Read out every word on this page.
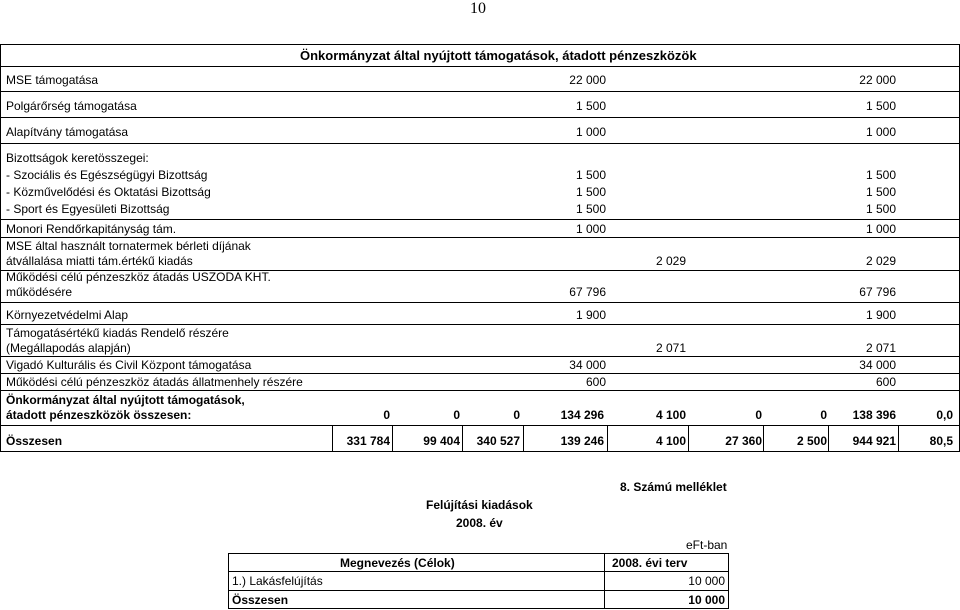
10
Önkormányzat által nyújtott támogatások, átadott pénzeszközök
MSE támogatása	22 000	22 000
Polgárőrség támogatása	1 500	1 500
Alapítvány támogatása	1 000	1 000
Bizottságok keretösszegei:
- Szociális és Egészségügyi Bizottság	1 500	1 500
- Közművelődési és Oktatási Bizottság	1 500	1 500
- Sport és Egyesületi Bizottság	1 500	1 500
Monori Rendőrkapitányság tám.	1 000	1 000
MSE által használt tornatermek bérleti díjának
átvállalása miatti tám.értékű kiadás	2 029	2 029
Működési célú pénzeszköz átadás USZODA KHT.
működésére	67 796	67 796
Környezetvédelmi Alap	1 900	1 900
Támogatásértékű kiadás Rendelő részére
(Megállapodás alapján)	2 071	2 071
Vigadó Kulturális és Civil Központ támogatása	34 000	34 000
Működési célú pénzeszköz átadás állatmenhely részére	600	600
Önkormányzat által nyújtott támogatások,
átadott pénzeszközök összesen:	0	0	0	134 296	4 100	0	0	138 396	0,0
Összesen	331 784	99 404	340 527	139 246	4 100	27 360	2 500	944 921	80,5
8. Számú melléklet
Felújítási kiadások
2008. év
eFt-ban
Megnevezés (Célok)	2008. évi terv
1.) Lakásfelújítás	10 000
Összesen	10 000
